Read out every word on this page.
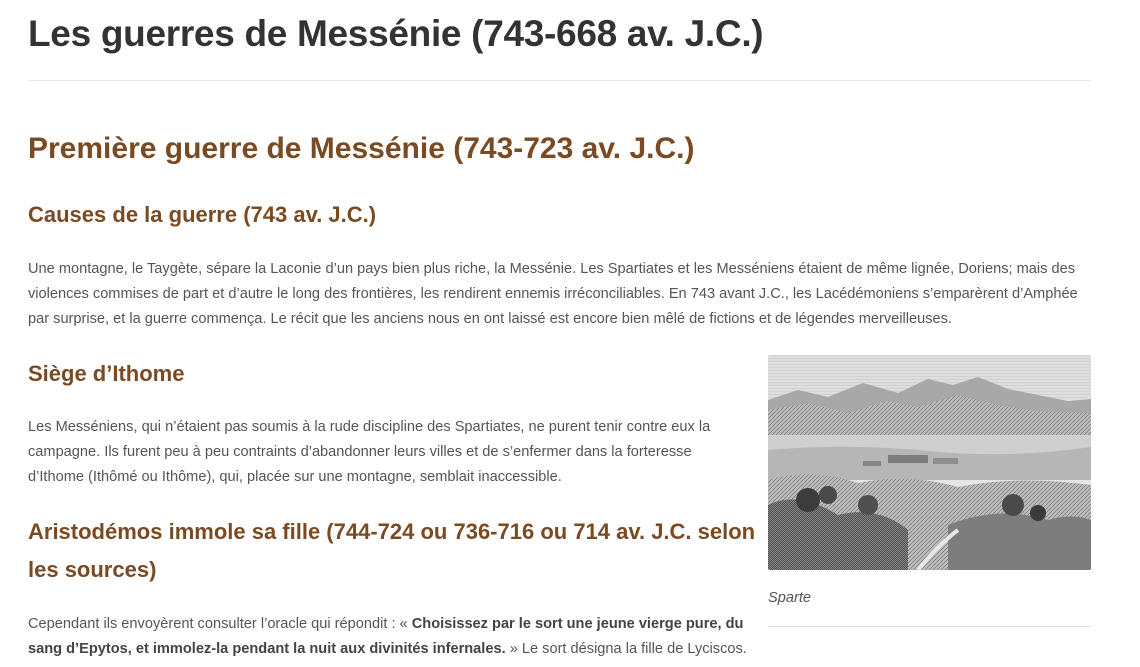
Les guerres de Messénie (743-668 av. J.C.)
Première guerre de Messénie (743-723 av. J.C.)
Causes de la guerre (743 av. J.C.)

Une montagne, le Taygète, sépare la Laconie d’un pays bien plus riche, la Messénie. Les Spartiates et les Messéniens étaient de même lignée, Doriens; mais des violences commises de part et d’autre le long des frontières, les rendirent ennemis irréconciliables. En 743 avant J.C., les Lacédémoniens s’emparèrent d’Amphée par surprise, et la guerre commença. Le récit que les anciens nous en ont laissé est encore bien mêlé de fictions et de légendes merveilleuses.

Siège d’Ithome

Les Messéniens, qui n’étaient pas soumis à la rude discipline des Spartiates, ne purent tenir contre eux la campagne. Ils furent peu à peu contraints d’abandonner leurs villes et de s’enfermer dans la forteresse d’Ithome (Ithômé ou Ithôme), qui, placée sur une montagne, semblait inaccessible.

Aristodémos immole sa fille (744-724 ou 736-716 ou 714 av. J.C. selon les sources)

Cependant ils envoyèrent consulter l’oracle qui répondit : « Choisissez par le sort une jeune vierge pure, du sang d’Epytos, et immolez-la pendant la nuit aux divinités infernales. » Le sort désigna la fille de Lyciscos.

Sparte
